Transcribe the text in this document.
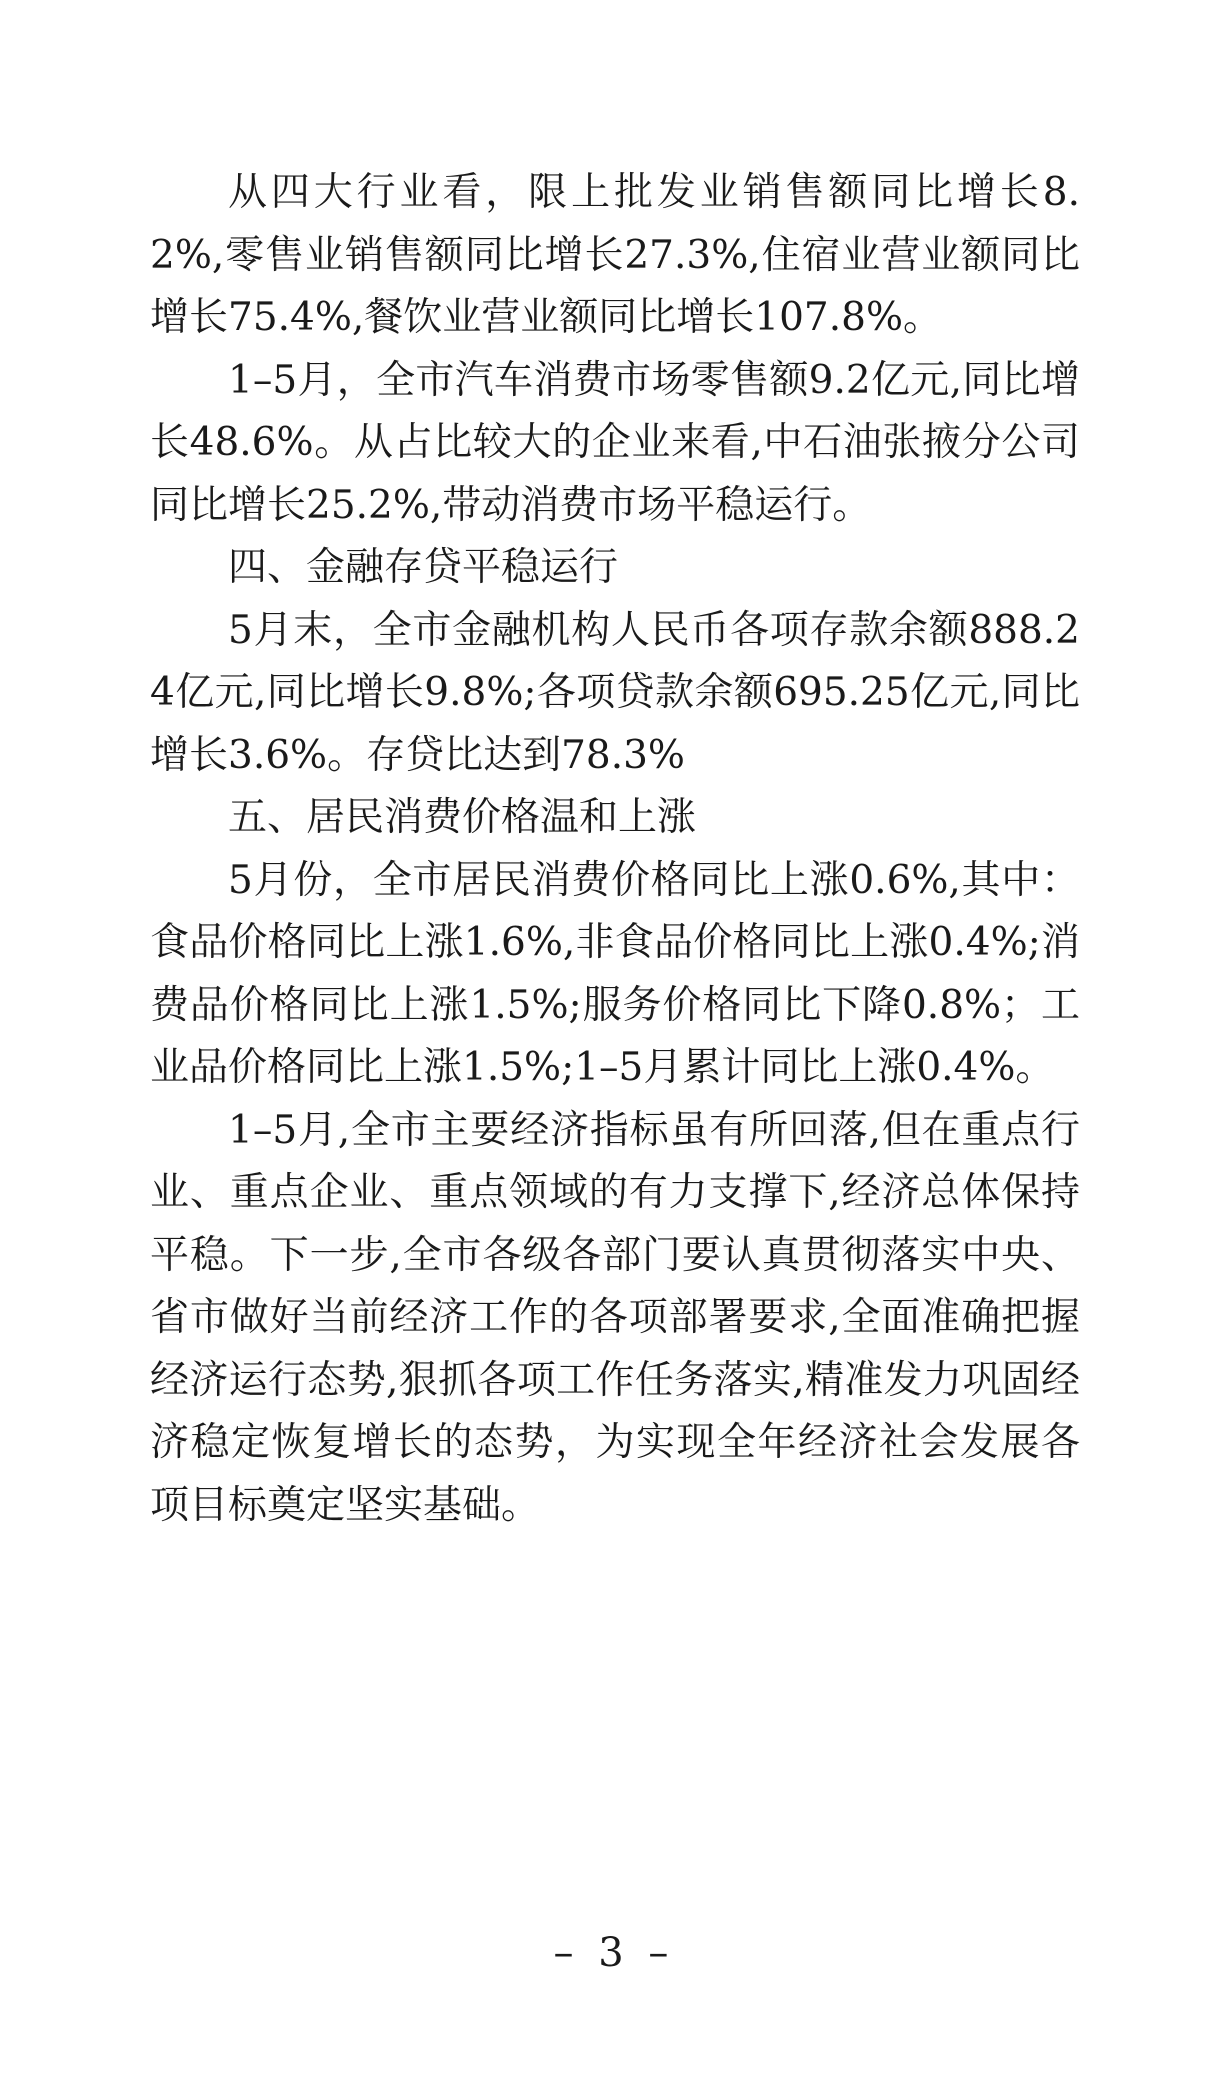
从四大行业看，限上批发业销售额同比增长8.2%,零售业销售额同比增长27.3%,住宿业营业额同比增长75.4%,餐饮业营业额同比增长107.8%。

1–5月，全市汽车消费市场零售额9.2亿元,同比增长48.6%。从占比较大的企业来看,中石油张掖分公司同比增长25.2%,带动消费市场平稳运行。

四、金融存贷平稳运行

5月末，全市金融机构人民币各项存款余额888.24亿元,同比增长9.8%;各项贷款余额695.25亿元,同比增长3.6%。存贷比达到78.3%

五、居民消费价格温和上涨

5月份，全市居民消费价格同比上涨0.6%,其中：食品价格同比上涨1.6%,非食品价格同比上涨0.4%;消费品价格同比上涨1.5%;服务价格同比下降0.8%；工业品价格同比上涨1.5%;1–5月累计同比上涨0.4%。

1–5月,全市主要经济指标虽有所回落,但在重点行业、重点企业、重点领域的有力支撑下,经济总体保持平稳。下一步,全市各级各部门要认真贯彻落实中央、省市做好当前经济工作的各项部署要求,全面准确把握经济运行态势,狠抓各项工作任务落实,精准发力巩固经济稳定恢复增长的态势，为实现全年经济社会发展各项目标奠定坚实基础。

– 3 –
